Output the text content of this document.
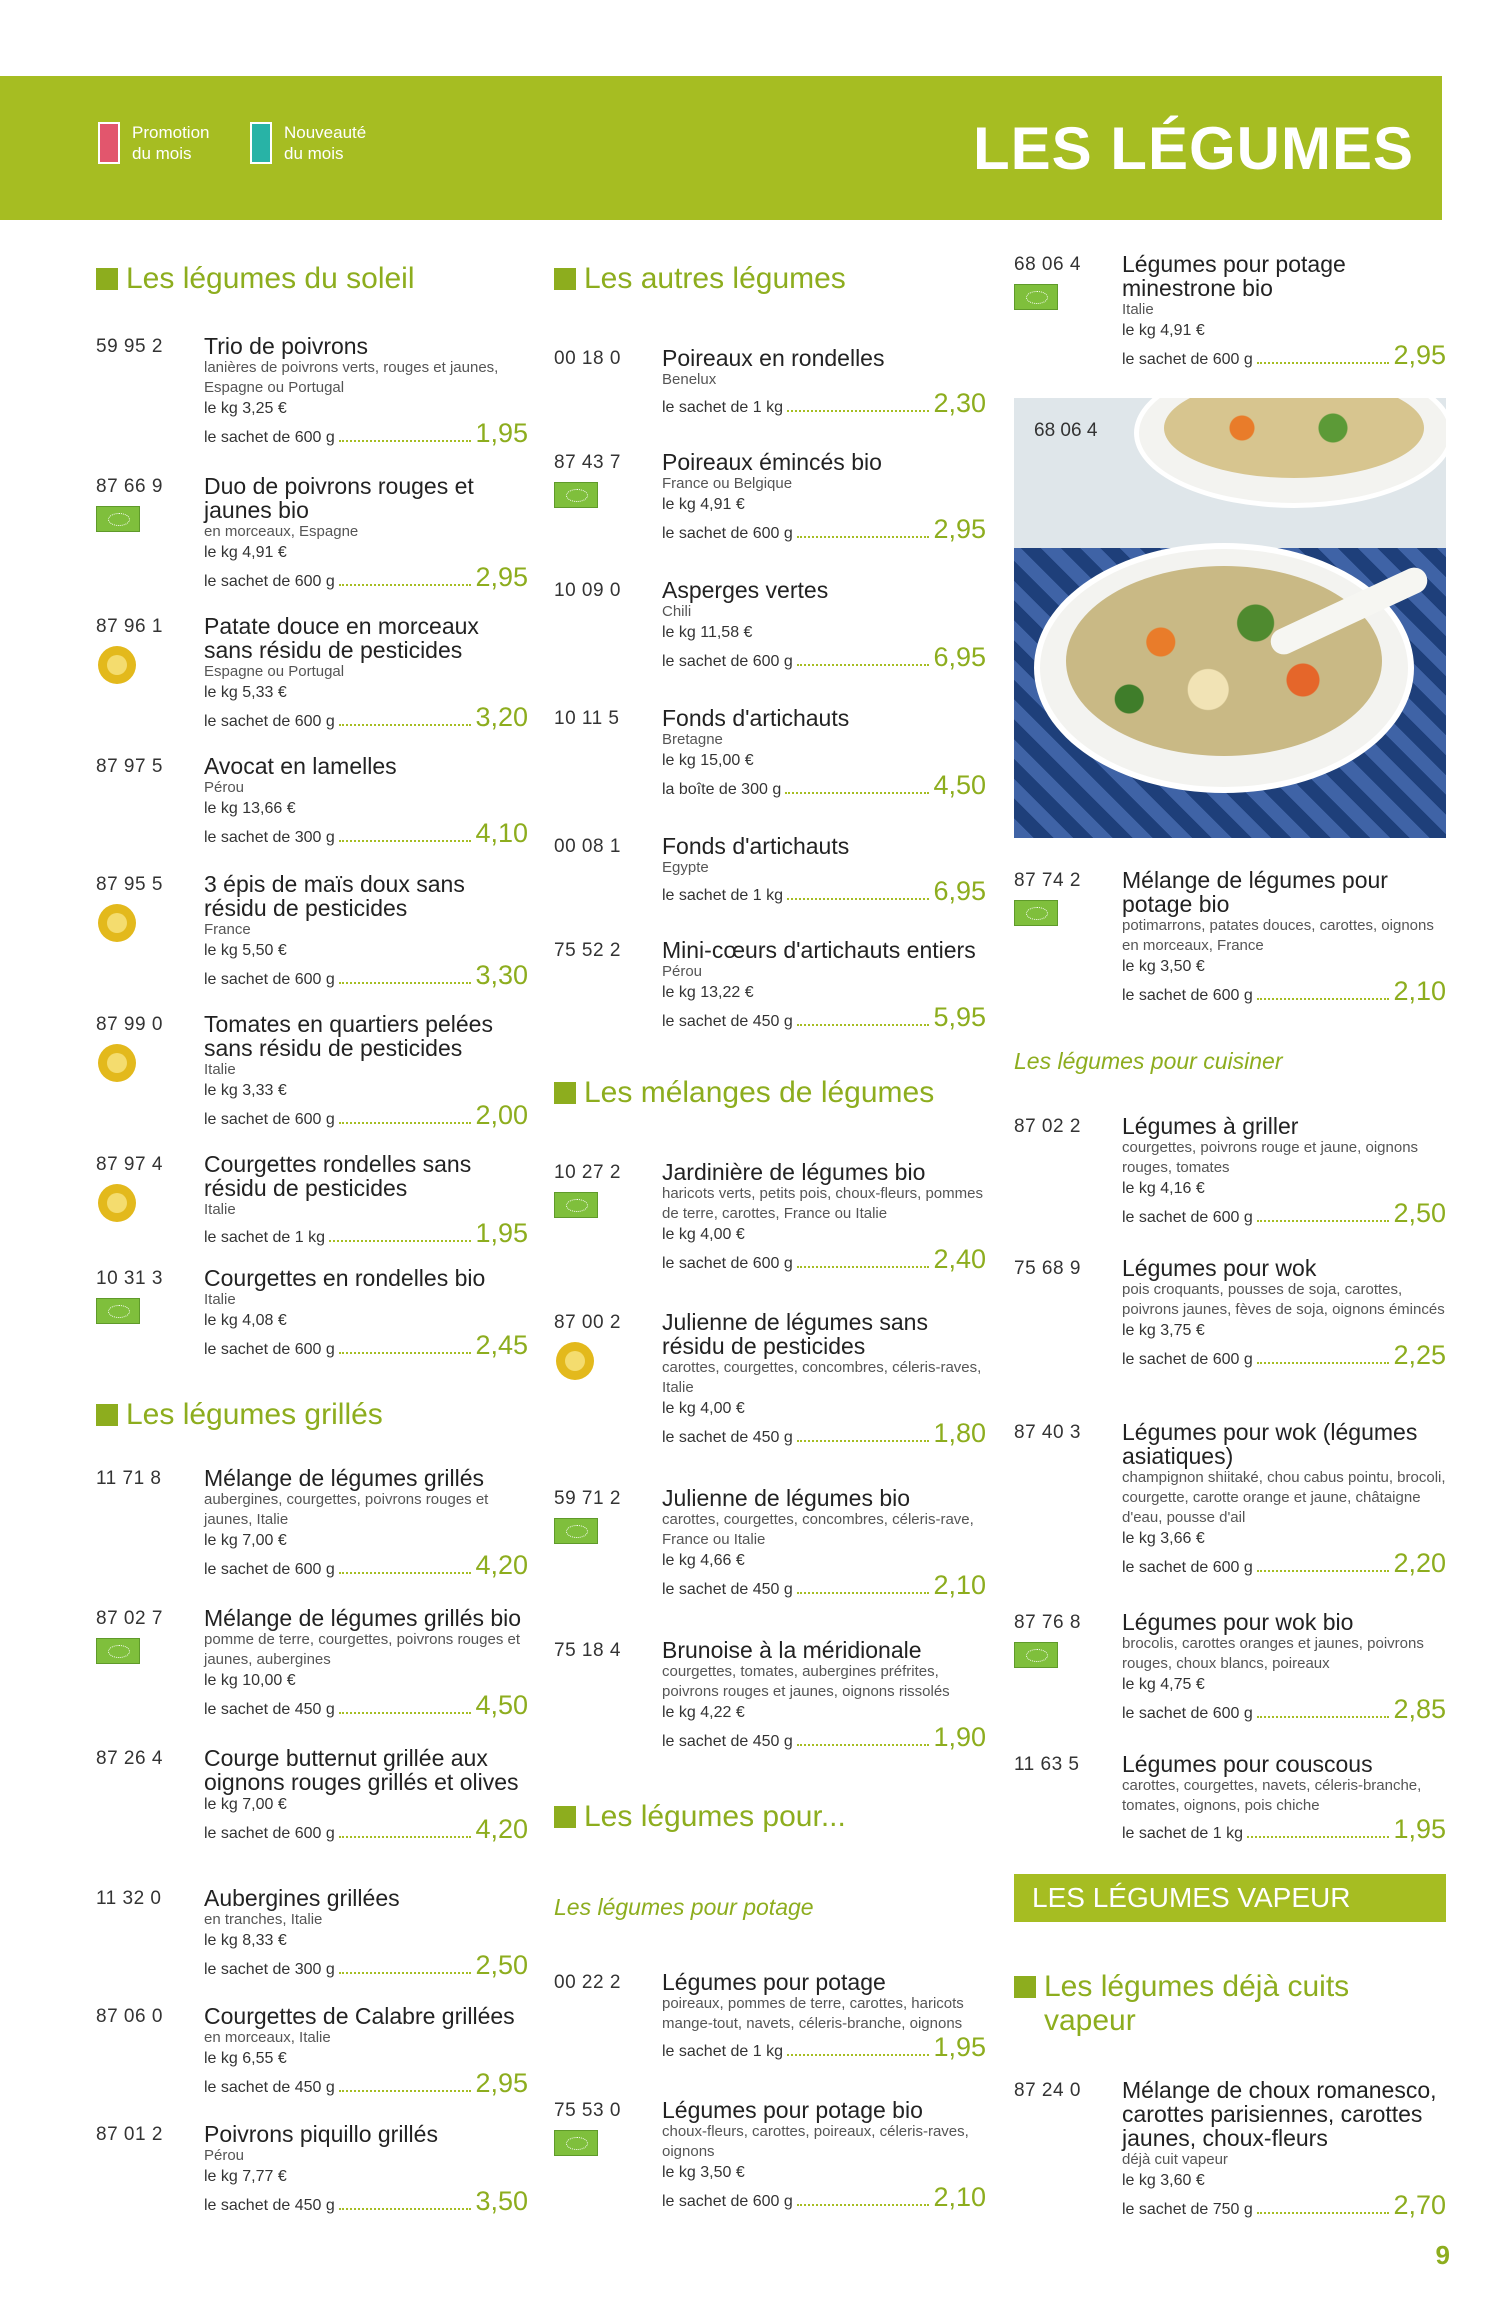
Promotion du mois
Nouveauté du mois	LES LÉGUMES
Les légumes du soleil
59 95 2 Trio de poivrons
lanières de poivrons verts, rouges et jaunes, Espagne ou Portugal
le kg 3,25 €
le sachet de 600 g	1,95
87 66 9 Duo de poivrons rouges et jaunes bio
en morceaux, Espagne
le kg 4,91 €
le sachet de 600 g	2,95
87 96 1 Patate douce en morceaux sans résidu de pesticides
Espagne ou Portugal
le kg 5,33 €
le sachet de 600 g	3,20
87 97 5 Avocat en lamelles
Pérou
le kg 13,66 €
le sachet de 300 g	4,10
87 95 5 3 épis de maïs doux sans résidu de pesticides
France
le kg 5,50 €
le sachet de 600 g	3,30
87 99 0 Tomates en quartiers pelées sans résidu de pesticides
Italie
le kg 3,33 €
le sachet de 600 g	2,00
87 97 4 Courgettes rondelles sans résidu de pesticides
Italie
le sachet de 1 kg	1,95
10 31 3 Courgettes en rondelles bio
Italie
le kg 4,08 €
le sachet de 600 g	2,45
Les légumes grillés
11 71 8 Mélange de légumes grillés
aubergines, courgettes, poivrons rouges et jaunes, Italie
le kg 7,00 €
le sachet de 600 g	4,20
87 02 7 Mélange de légumes grillés bio
pomme de terre, courgettes, poivrons rouges et jaunes, aubergines
le kg 10,00 €
le sachet de 450 g	4,50
87 26 4 Courge butternut grillée aux oignons rouges grillés et olives
le kg 7,00 €
le sachet de 600 g	4,20
11 32 0 Aubergines grillées
en tranches, Italie
le kg 8,33 €
le sachet de 300 g	2,50
87 06 0 Courgettes de Calabre grillées
en morceaux, Italie
le kg 6,55 €
le sachet de 450 g	2,95
87 01 2 Poivrons piquillo grillés
Pérou
le kg 7,77 €
le sachet de 450 g	3,50
Les autres légumes
00 18 0 Poireaux en rondelles
Benelux
le sachet de 1 kg	2,30
87 43 7 Poireaux émincés bio
France ou Belgique
le kg 4,91 €
le sachet de 600 g	2,95
10 09 0 Asperges vertes
Chili
le kg 11,58 €
le sachet de 600 g	6,95
10 11 5 Fonds d'artichauts
Bretagne
le kg 15,00 €
la boîte de 300 g	4,50
00 08 1 Fonds d'artichauts
Egypte
le sachet de 1 kg	6,95
75 52 2 Mini-cœurs d'artichauts entiers
Pérou
le kg 13,22 €
le sachet de 450 g	5,95
Les mélanges de légumes
10 27 2 Jardinière de légumes bio
haricots verts, petits pois, choux-fleurs, pommes de terre, carottes, France ou Italie
le kg 4,00 €
le sachet de 600 g	2,40
87 00 2 Julienne de légumes sans résidu de pesticides
carottes, courgettes, concombres, céleris-raves, Italie
le kg 4,00 €
le sachet de 450 g	1,80
59 71 2 Julienne de légumes bio
carottes, courgettes, concombres, céleris-rave, France ou Italie
le kg 4,66 €
le sachet de 450 g	2,10
75 18 4 Brunoise à la méridionale
courgettes, tomates, aubergines préfrites, poivrons rouges et jaunes, oignons rissolés
le kg 4,22 €
le sachet de 450 g	1,90
Les légumes pour...
Les légumes pour potage
00 22 2 Légumes pour potage
poireaux, pommes de terre, carottes, haricots mange-tout, navets, céleris-branche, oignons
le sachet de 1 kg	1,95
75 53 0 Légumes pour potage bio
choux-fleurs, carottes, poireaux, céleris-raves, oignons
le kg 3,50 €
le sachet de 600 g	2,10
68 06 4 Légumes pour potage minestrone bio
Italie
le kg 4,91 €
le sachet de 600 g	2,95
68 06 4
87 74 2 Mélange de légumes pour potage bio
potimarrons, patates douces, carottes, oignons en morceaux, France
le kg 3,50 €
le sachet de 600 g	2,10
Les légumes pour cuisiner
87 02 2 Légumes à griller
courgettes, poivrons rouge et jaune, oignons rouges, tomates
le kg 4,16 €
le sachet de 600 g	2,50
75 68 9 Légumes pour wok
pois croquants, pousses de soja, carottes, poivrons jaunes, fèves de soja, oignons émincés
le kg 3,75 €
le sachet de 600 g	2,25
87 40 3 Légumes pour wok (légumes asiatiques)
champignon shiitaké, chou cabus pointu, brocoli, courgette, carotte orange et jaune, châtaigne d'eau, pousse d'ail
le kg 3,66 €
le sachet de 600 g	2,20
87 76 8 Légumes pour wok bio
brocolis, carottes oranges et jaunes, poivrons rouges, choux blancs, poireaux
le kg 4,75 €
le sachet de 600 g	2,85
11 63 5 Légumes pour couscous
carottes, courgettes, navets, céleris-branche, tomates, oignons, pois chiche
le sachet de 1 kg	1,95
Les légumes déjà cuits vapeur
87 24 0 Mélange de choux romanesco, carottes parisiennes, carottes jaunes, choux-fleurs
déjà cuit vapeur
le kg 3,60 €
le sachet de 750 g	2,70
LES LÉGUMES VAPEUR
9
